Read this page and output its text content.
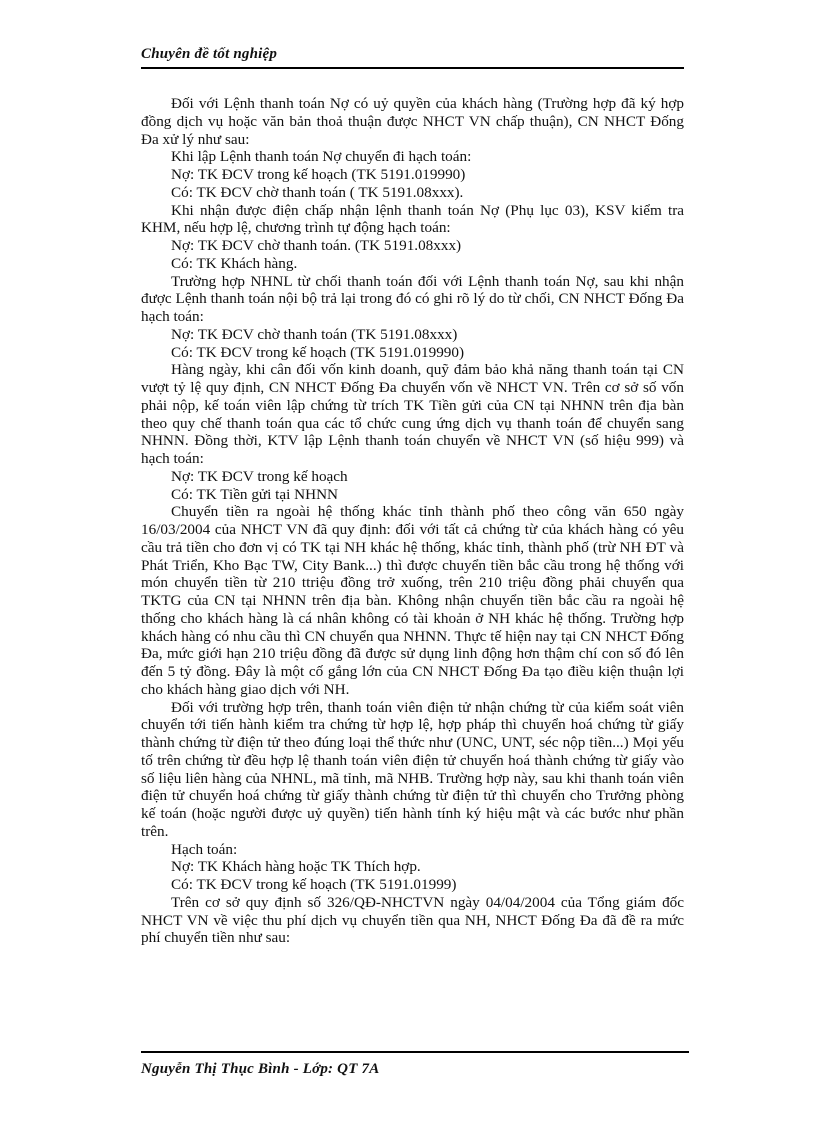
Chuyên đề tốt nghiệp

Đối với Lệnh thanh toán Nợ có uỷ quyền của khách hàng (Trường hợp đã ký hợp đồng dịch vụ hoặc văn bản thoả thuận được NHCT VN chấp thuận), CN NHCT Đống Đa xử lý như sau:

Khi lập Lệnh thanh toán Nợ chuyển đi hạch toán:

Nợ: TK ĐCV trong kế hoạch (TK 5191.019990)

Có: TK ĐCV chờ thanh toán ( TK 5191.08xxx).

Khi nhận được điện chấp nhận lệnh thanh toán Nợ (Phụ lục 03), KSV kiểm tra KHM, nếu hợp lệ, chương trình tự động hạch toán:

Nợ: TK ĐCV chờ thanh toán. (TK 5191.08xxx)

Có: TK Khách hàng.

Trường hợp NHNL từ chối thanh toán đối với Lệnh thanh toán Nợ, sau khi nhận được Lệnh thanh toán nội bộ trả lại trong đó có ghi rõ lý do từ chối, CN NHCT Đống Đa hạch toán:

Nợ: TK ĐCV chờ thanh toán (TK 5191.08xxx)

Có: TK ĐCV trong kế hoạch (TK 5191.019990)

Hàng ngày, khi cân đối vốn kinh doanh, quỹ đảm bảo khả năng thanh toán tại CN vượt tỷ lệ quy định, CN NHCT Đống Đa chuyển vốn về NHCT VN. Trên cơ sở số vốn phải nộp, kế toán viên lập chứng từ trích TK Tiền gửi của CN tại NHNN trên địa bàn theo quy chế thanh toán qua các tổ chức cung ứng dịch vụ thanh toán để chuyển sang NHNN. Đồng thời, KTV lập Lệnh thanh toán chuyển về NHCT VN (số hiệu 999) và hạch toán:

Nợ: TK ĐCV trong kế hoạch

Có: TK Tiền gửi tại NHNN

Chuyển tiền ra ngoài hệ thống khác tỉnh thành phố theo công văn 650 ngày 16/03/2004 của NHCT VN đã quy định: đối với tất cả chứng từ của khách hàng có yêu cầu trả tiền cho đơn vị có TK tại NH khác hệ thống, khác tỉnh, thành phố (trừ NH ĐT và Phát Triển, Kho Bạc TW, City Bank...) thì được chuyển tiền bắc cầu trong hệ thống với món chuyển tiền từ 210 ttriệu đồng trở xuống, trên 210 triệu đồng phải chuyển qua TKTG của CN tại NHNN trên địa bàn. Không nhận chuyển tiền bắc cầu ra ngoài hệ thống cho khách hàng là cá nhân không có tài khoản ở NH khác hệ thống. Trường hợp khách hàng có nhu cầu thì CN chuyển qua NHNN. Thực tế hiện nay tại CN NHCT Đống Đa, mức giới hạn 210 triệu đồng đã được sử dụng linh động hơn thậm chí con số đó lên đến 5 tỷ đồng. Đây là một cố gắng lớn của CN NHCT Đống Đa tạo điều kiện thuận lợi cho khách hàng giao dịch với NH.

Đối với trường hợp trên, thanh toán viên điện tử nhận chứng từ của kiểm soát viên chuyển tới tiến hành kiểm tra chứng từ hợp lệ, hợp pháp thì chuyển hoá chứng từ giấy thành chứng từ điện tử theo đúng loại thể thức như (UNC, UNT, séc nộp tiền...) Mọi yếu tố trên chứng từ đều hợp lệ thanh toán viên điện tử chuyển hoá thành chứng từ giấy vào số liệu liên hàng của NHNL, mã tỉnh, mã NHB. Trường hợp này, sau khi thanh toán viên điện tử chuyển hoá chứng từ giấy thành chứng từ điện tử thì chuyển cho Trưởng phòng kế toán (hoặc người được uỷ quyền) tiến hành tính ký hiệu mật và các bước như phần trên.

Hạch toán:

Nợ: TK Khách hàng hoặc TK Thích hợp.

Có: TK ĐCV trong kế hoạch (TK 5191.01999)

Trên cơ sở quy định số 326/QĐ-NHCTVN ngày 04/04/2004 của Tổng giám đốc NHCT VN về việc thu phí dịch vụ chuyển tiền qua NH, NHCT Đống Đa đã đề ra mức phí chuyển tiền như sau:

Nguyễn Thị Thục Bình - Lớp: QT 7A
